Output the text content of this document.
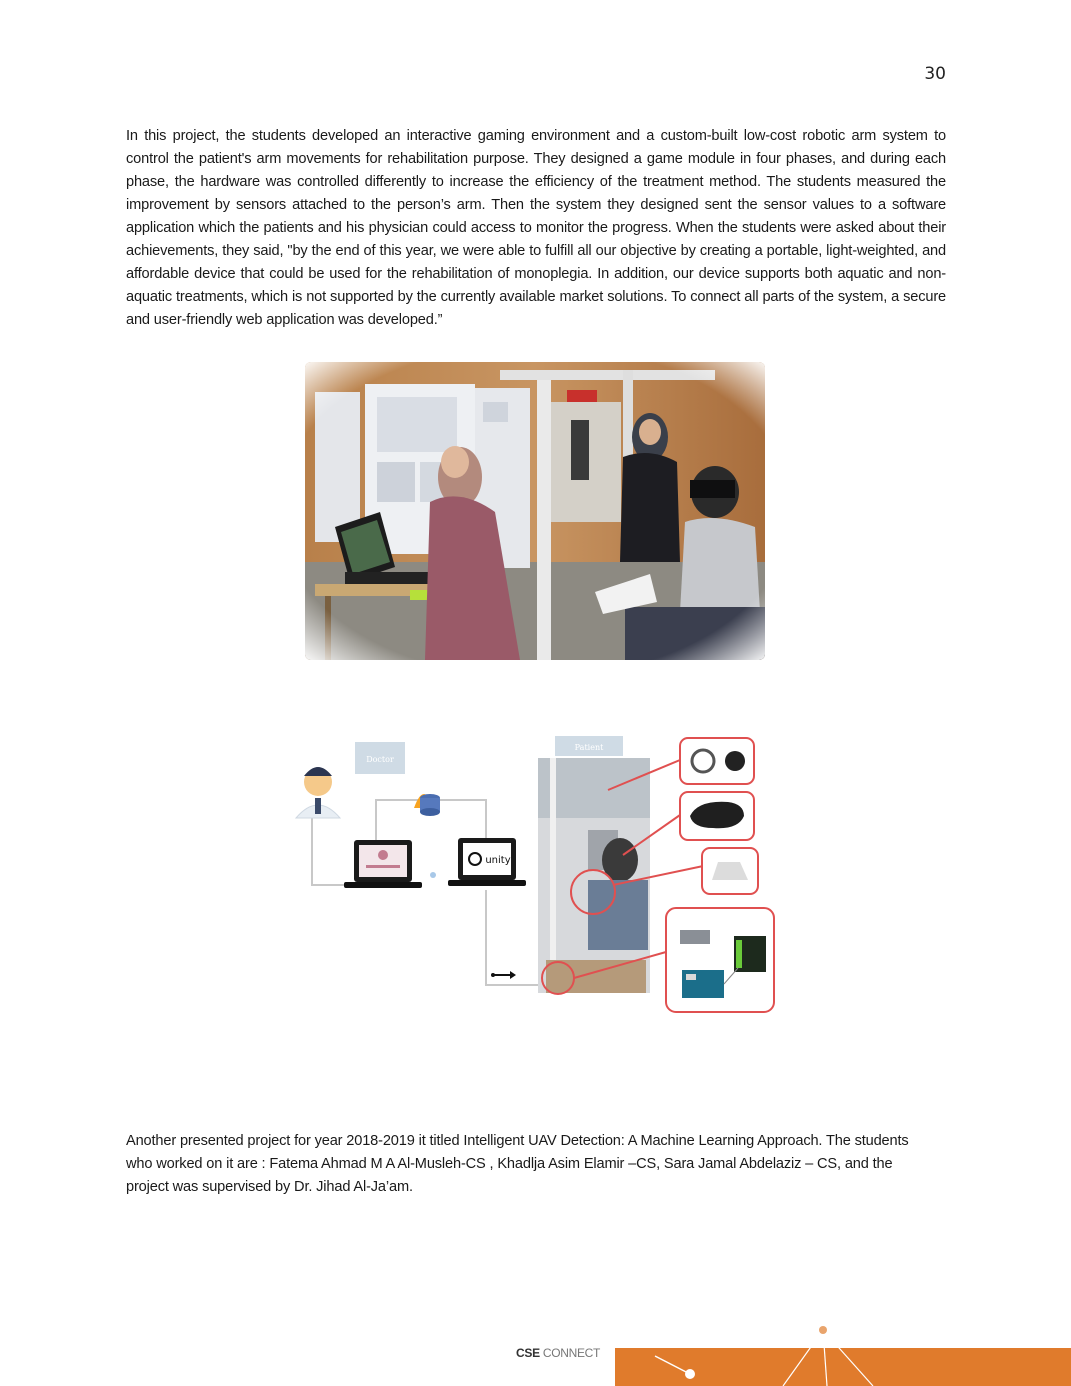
30

In this project, the students developed an interactive gaming environment and a custom-built low-cost robotic arm system to control the patient's arm movements for rehabilitation purpose. They designed a game module in four phases, and during each phase, the hardware was controlled differently to increase the efficiency of the treatment method. The students measured the improvement by sensors attached to the person’s arm. Then the system they designed sent the sensor values to a software application which the patients and his physician could access to monitor the progress. When the students were asked about their achievements, they said, "by the end of this year, we were able to fulfill all our objective by creating a portable, light-weighted, and affordable device that could be used for the rehabilitation of monoplegia. In addition, our device supports both aquatic and non-aquatic treatments, which is not supported by the currently available market solutions. To connect all parts of the system, a secure and user-friendly web application was developed.”

Doctor
Patient
unity

Another presented project for year 2018-2019 it titled Intelligent UAV Detection: A Machine Learning Approach. The students who worked on it are : Fatema Ahmad M A Al-Musleh-CS , Khadlja Asim Elamir –CS, Sara Jamal Abdelaziz – CS, and the project was supervised by Dr. Jihad Al-Ja’am.

CSE CONNECT
